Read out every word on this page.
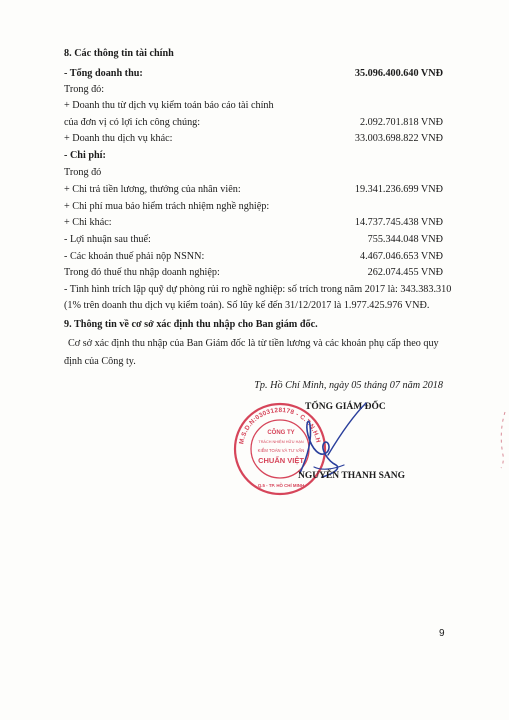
8. Các thông tin tài chính
- Tổng doanh thu:	35.096.400.640 VNĐ
Trong đó:
+ Doanh thu từ dịch vụ kiểm toán báo cáo tài chính
của đơn vị có lợi ích công chúng:	2.092.701.818 VNĐ
+ Doanh thu dịch vụ khác:	33.003.698.822 VNĐ
- Chi phí:
Trong đó
+ Chi trả tiền lương, thưởng của nhân viên:	19.341.236.699 VNĐ
+ Chi phí mua bảo hiểm trách nhiệm nghề nghiệp:
+ Chi khác:	14.737.745.438 VNĐ
- Lợi nhuận sau thuế:	755.344.048 VNĐ
- Các khoản thuế phải nộp NSNN:	4.467.046.653 VNĐ
Trong đó thuế thu nhập doanh nghiệp:	262.074.455 VNĐ
- Tình hình trích lập quỹ dự phòng rủi ro nghề nghiệp: số trích trong năm 2017 là: 343.383.310
(1% trên doanh thu dịch vụ kiểm toán). Số lũy kế đến 31/12/2017 là 1.977.425.976 VNĐ.
9. Thông tin về cơ sở xác định thu nhập cho Ban giám đốc.
Cơ sở xác định thu nhập của Ban Giám đốc là từ tiền lương và các khoản phụ cấp theo quy
định của Công ty.
Tp. Hồ Chí Minh, ngày 05 tháng 07 năm 2018
M.S.D.N:0303128178 - C.T.N.H.H
CÔNG TY
TRÁCH NHIỆM HỮU HẠN
KIỂM TOÁN VÀ TƯ VẤN
CHUẨN VIỆT
Q.5 - TP. HỒ CHÍ MINH
TỔNG GIÁM ĐỐC
NGUYỄN THANH SANG
9
